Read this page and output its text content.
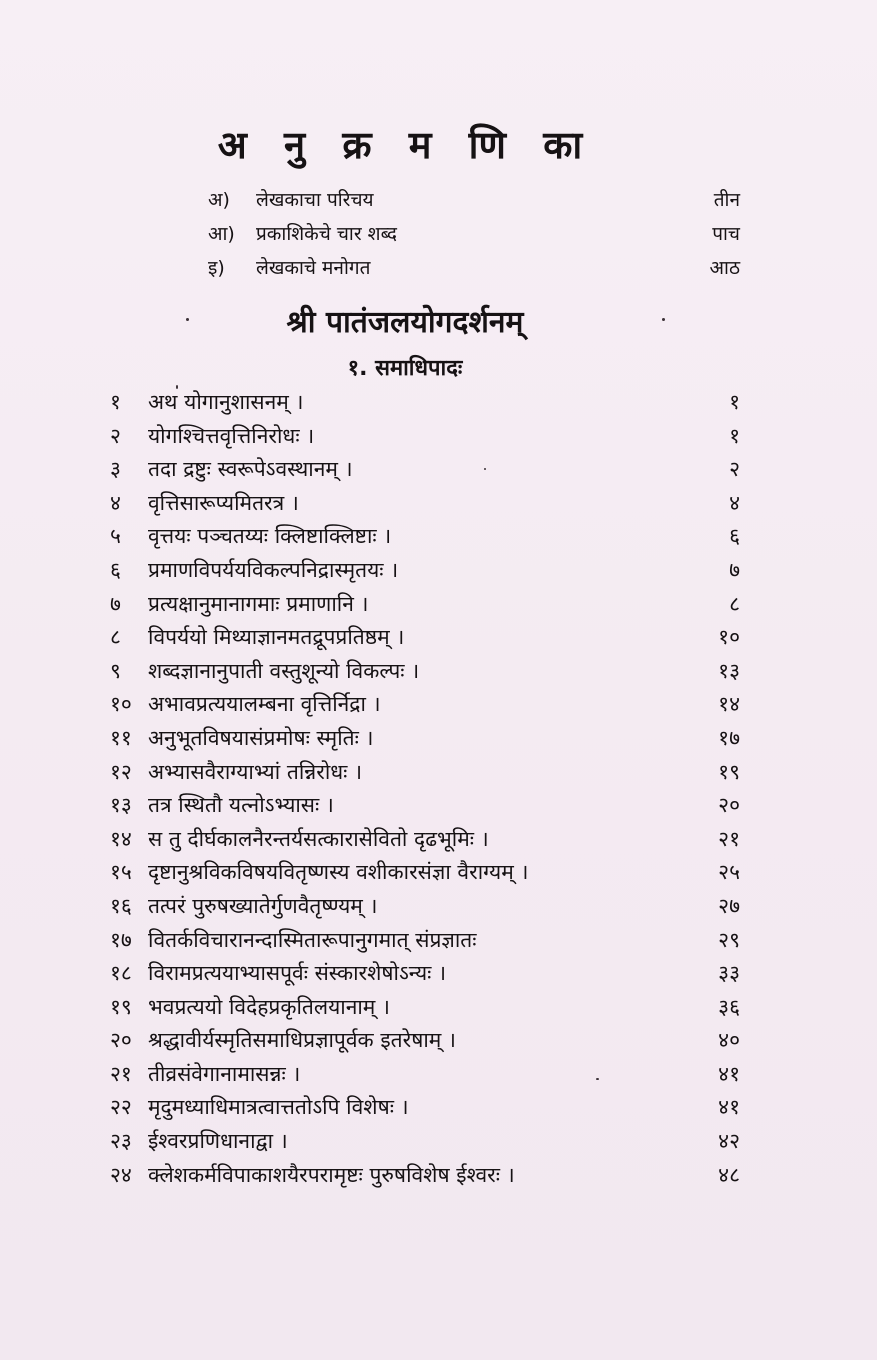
अ नु क्र म णि का
अ) लेखकाचा परिचय	तीन
आ) प्रकाशिकेचे चार शब्द	पाच
इ) लेखकाचे मनोगत	आठ
श्री पातंजलयोगदर्शनम्
१. समाधिपादः
१ अथ योगानुशासनम् ।	१
२ योगश्चित्तवृत्तिनिरोधः ।	१
३ तदा द्रष्टुः स्वरूपेऽवस्थानम् ।	२
४ वृत्तिसारूप्यमितरत्र ।	४
५ वृत्तयः पञ्चतय्यः क्लिष्टाक्लिष्टाः ।	६
६ प्रमाणविपर्ययविकल्पनिद्रास्मृतयः ।	७
७ प्रत्यक्षानुमानागमाः प्रमाणानि ।	८
८ विपर्ययो मिथ्याज्ञानमतद्रूपप्रतिष्ठम् ।	१०
९ शब्दज्ञानानुपाती वस्तुशून्यो विकल्पः ।	१३
१० अभावप्रत्ययालम्बना वृत्तिर्निद्रा ।	१४
११ अनुभूतविषयासंप्रमोषः स्मृतिः ।	१७
१२ अभ्यासवैराग्याभ्यां तन्निरोधः ।	१९
१३ तत्र स्थितौ यत्नोऽभ्यासः ।	२०
१४ स तु दीर्घकालनैरन्तर्यसत्कारासेवितो दृढभूमिः ।	२१
१५ दृष्टानुश्रविकविषयवितृष्णस्य वशीकारसंज्ञा वैराग्यम् ।	२५
१६ तत्परं पुरुषख्यातेर्गुणवैतृष्ण्यम् ।	२७
१७ वितर्कविचारानन्दास्मितारूपानुगमात् संप्रज्ञातः	२९
१८ विरामप्रत्ययाभ्यासपूर्वः संस्कारशेषोऽन्यः ।	३३
१९ भवप्रत्ययो विदेहप्रकृतिलयानाम् ।	३६
२० श्रद्धावीर्यस्मृतिसमाधिप्रज्ञापूर्वक इतरेषाम् ।	४०
२१ तीव्रसंवेगानामासन्नः ।	४१
२२ मृदुमध्याधिमात्रत्वात्ततोऽपि विशेषः ।	४१
२३ ईश्वरप्रणिधानाद्वा ।	४२
२४ क्लेशकर्मविपाकाशयैरपरामृष्टः पुरुषविशेष ईश्वरः ।	४८
